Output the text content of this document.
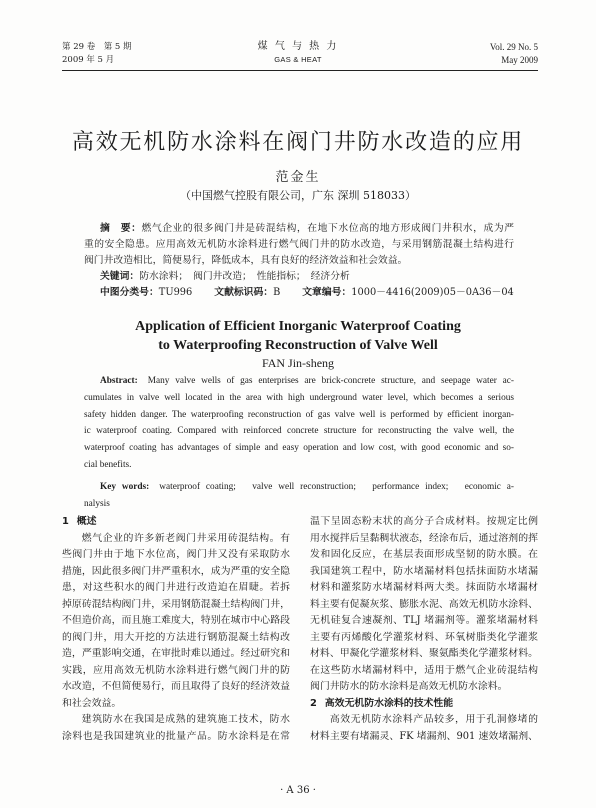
第 29 卷　第 5 期
2009 年 5 月
煤 气 与 热 力
GAS & HEAT
Vol. 29 No. 5
May 2009
高效无机防水涂料在阀门井防水改造的应用
范金生
（中国燃气控股有限公司，广东 深圳 518033）
摘　要：燃气企业的很多阀门井是砖混结构，在地下水位高的地方形成阀门井积水，成为严
重的安全隐患。应用高效无机防水涂料进行燃气阀门井的防水改造，与采用钢筋混凝土结构进行
阀门井改造相比，简便易行，降低成本，具有良好的经济效益和社会效益。
关键词：防水涂料；　阀门井改造；　性能指标；　经济分析
中图分类号：TU996 文献标识码：B 文章编号：1000－4416(2009)05－0A36－04
Application of Efficient Inorganic Waterproof Coating
to Waterproofing Reconstruction of Valve Well
FAN Jin-sheng
Abstract: Many valve wells of gas enterprises are brick-concrete structure, and seepage water ac-
cumulates in valve well located in the area with high underground water level, which becomes a serious
safety hidden danger. The waterproofing reconstruction of gas valve well is performed by efficient inorgan-
ic waterproof coating. Compared with reinforced concrete structure for reconstructing the valve well, the
waterproof coating has advantages of simple and easy operation and low cost, with good economic and so-
cial benefits.
Key words: waterproof coating;　valve well reconstruction;　performance index;　economic a-
nalysis
1 概述
燃气企业的许多新老阀门井采用砖混结构。有
些阀门井由于地下水位高，阀门井又没有采取防水
措施，因此很多阀门井严重积水，成为严重的安全隐
患，对这些积水的阀门井进行改造迫在眉睫。若拆
掉原砖混结构阀门井，采用钢筋混凝土结构阀门井，
不但造价高，而且施工难度大，特别在城市中心路段
的阀门井，用大开挖的方法进行钢筋混凝土结构改
造，严重影响交通，在审批时难以通过。经过研究和
实践，应用高效无机防水涂料进行燃气阀门井的防
水改造，不但简便易行，而且取得了良好的经济效益
和社会效益。
建筑防水在我国是成熟的建筑施工技术，防水
涂料也是我国建筑业的批量产品。防水涂料是在常
温下呈固态粉末状的高分子合成材料。按规定比例
用水搅拌后呈黏稠状液态，经涂布后，通过溶剂的挥
发和固化反应，在基层表面形成坚韧的防水膜。在
我国建筑工程中，防水堵漏材料包括抹面防水堵漏
材料和灌浆防水堵漏材料两大类。抹面防水堵漏材
料主要有促凝灰浆、膨胀水泥、高效无机防水涂料、
无机硅复合速凝剂、TLJ 堵漏剂等。灌浆堵漏材料
主要有丙烯酸化学灌浆材料、环氧树脂类化学灌浆
材料、甲凝化学灌浆材料、聚氨酯类化学灌浆材料。
在这些防水堵漏材料中，适用于燃气企业砖混结构
阀门井防水的防水涂料是高效无机防水涂料。
2 高效无机防水涂料的技术性能
高效无机防水涂料产品较多，用于孔洞修堵的
材料主要有堵漏灵、FK 堵漏剂、901 速效堵漏剂、
· A 36 ·
